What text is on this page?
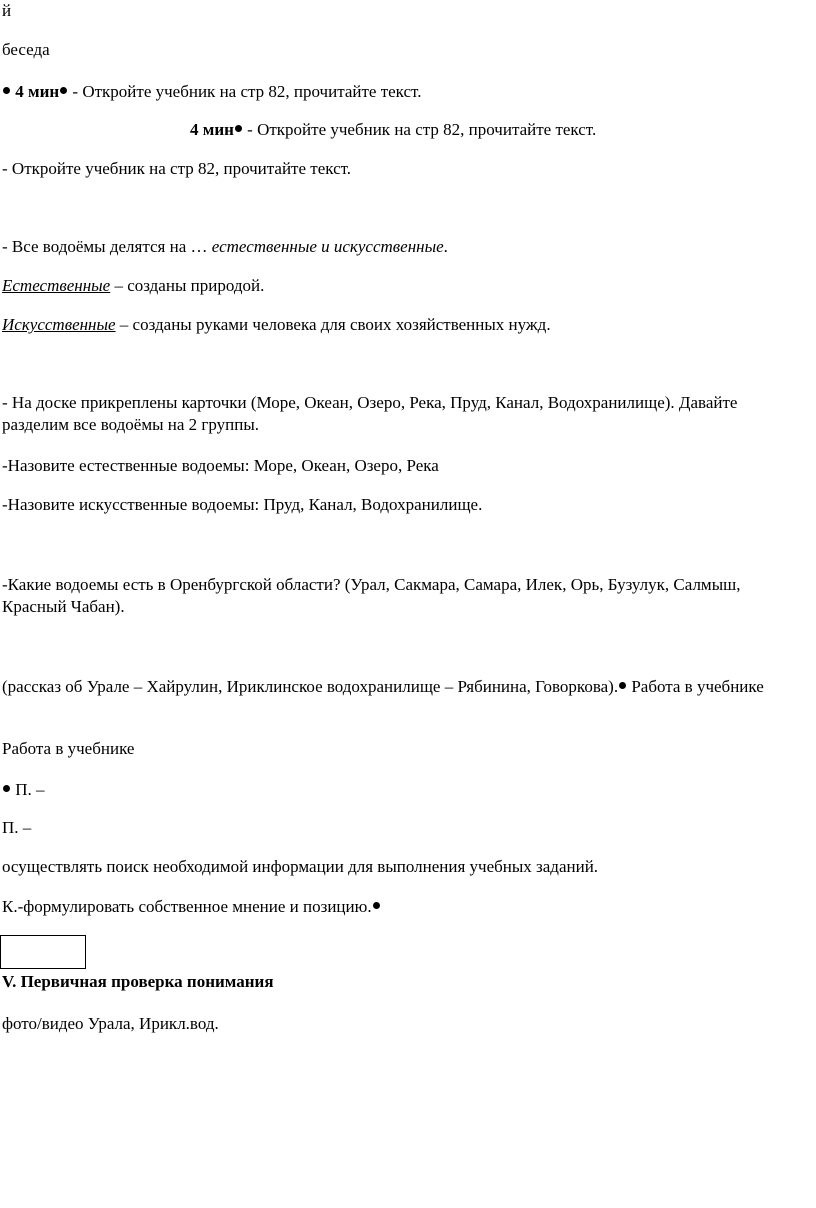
й
беседа
4 мин - Откройте учебник на стр 82, прочитайте текст.
4 мин - Откройте учебник на стр 82, прочитайте текст.
- Откройте учебник на стр 82, прочитайте текст.
- Все водоёмы делятся на … естественные и искусственные.
Естественные – созданы природой.
Искусственные – созданы руками человека для своих хозяйственных нужд.
- На доске прикреплены карточки (Море, Океан, Озеро, Река, Пруд, Канал, Водохранилище). Давайте разделим все водоёмы на 2 группы.
-Назовите естественные водоемы: Море, Океан, Озеро, Река
-Назовите искусственные водоемы: Пруд, Канал, Водохранилище.
-Какие водоемы есть в Оренбургской области? (Урал, Сакмара, Самара, Илек, Орь, Бузулук, Салмыш, Красный Чабан).
(рассказ об Урале – Хайрулин, Ириклинское водохранилище – Рябинина, Говоркова). Работа в учебнике
Работа в учебнике
П. –
П. –
осуществлять поиск необходимой информации для выполнения учебных заданий.
К.-формулировать собственное мнение и позицию.
V. Первичная проверка понимания
фото/видео Урала, Ирикл.вод.
